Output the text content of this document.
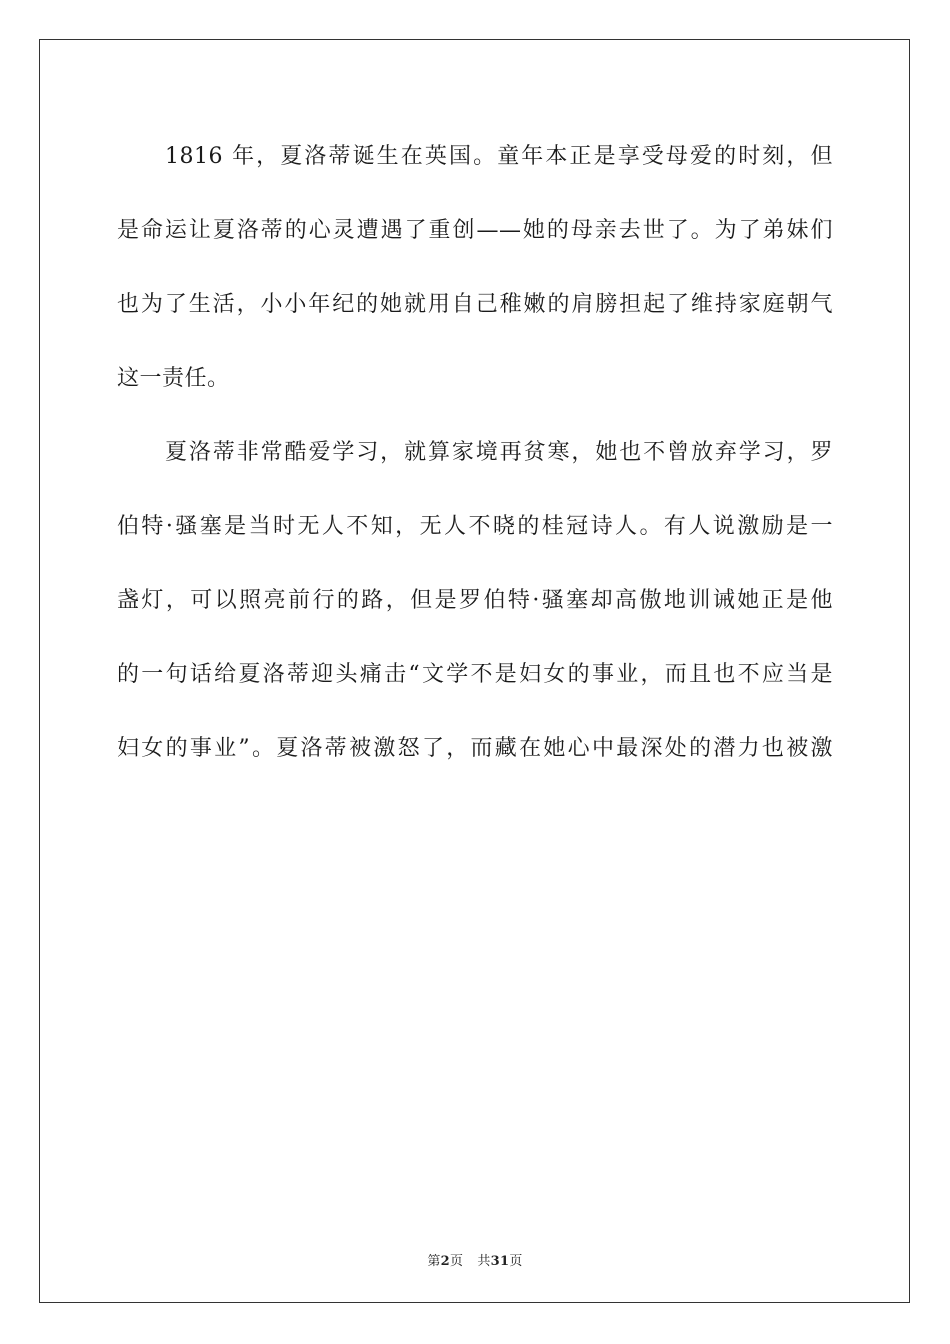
1816 年，夏洛蒂诞生在英国。童年本正是享受母爱的时刻，但
是命运让夏洛蒂的心灵遭遇了重创——她的母亲去世了。为了弟妹们
也为了生活，小小年纪的她就用自己稚嫩的肩膀担起了维持家庭朝气
这一责任。
夏洛蒂非常酷爱学习，就算家境再贫寒，她也不曾放弃学习，罗
伯特·骚塞是当时无人不知，无人不晓的桂冠诗人。有人说激励是一
盏灯，可以照亮前行的路，但是罗伯特·骚塞却高傲地训诫她正是他
的一句话给夏洛蒂迎头痛击“文学不是妇女的事业，而且也不应当是
妇女的事业”。夏洛蒂被激怒了，而藏在她心中最深处的潜力也被激
第2页 共31页
